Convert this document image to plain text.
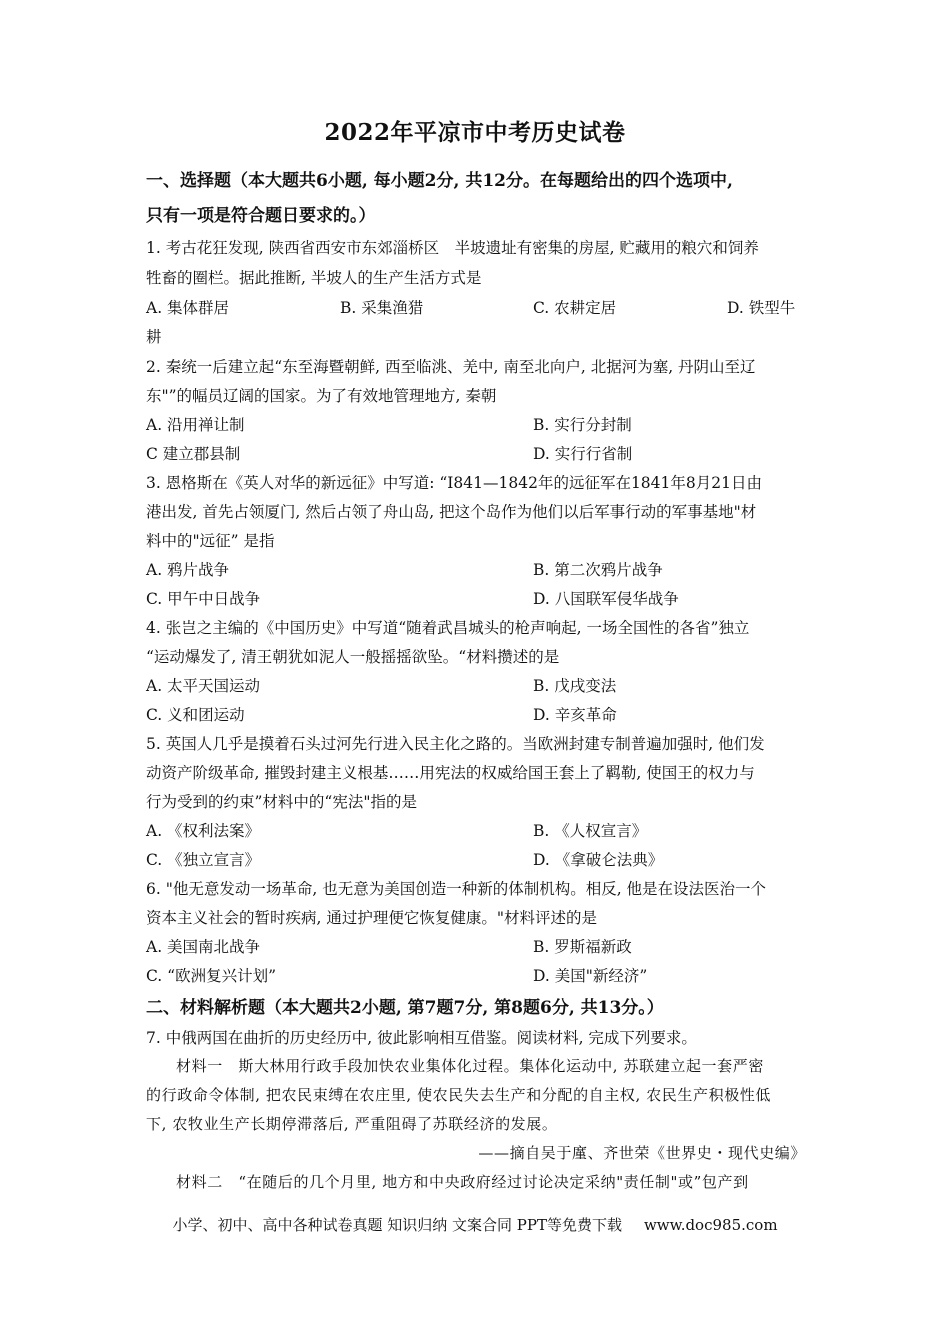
2022年平凉市中考历史试卷
一、选择题（本大题共6小题, 每小题2分, 共12分。在每题给出的四个选项中,
只有一项是符合题日要求的。）
1. 考古花狂发现, 陕西省西安市东郊淄桥区　半坡遗址有密集的房屋, 贮藏用的粮穴和饲养
牲畜的圈栏。据此推断, 半坡人的生产生活方式是
A. 集体群居	B. 采集渔猎	C. 农耕定居	D. 铁型牛
耕
2. 秦统一后建立起“东至海暨朝鲜, 西至临洮、羌中, 南至北向户, 北据河为塞, 丹阴山至辽
东"”的幅员辽阔的国家。为了有效地管理地方, 秦朝
A. 沿用禅让制	B. 实行分封制
C 建立郡县制	D. 实行行省制
3. 恩格斯在《英人对华的新远征》中写道: “I841—1842年的远征军在1841年8月21日由
港出发, 首先占领厦门, 然后占领了舟山岛, 把这个岛作为他们以后军事行动的军事基地"材
料中的"远征” 是指
A. 鸦片战争	B. 第二次鸦片战争
C. 甲午中日战争	D. 八国联军侵华战争
4. 张岂之主编的《中国历史》中写道“随着武昌城头的枪声响起, 一场全国性的各省”独立
“运动爆发了, 清王朝犹如泥人一般摇摇欲坠。“材料攒述的是
A. 太平天国运动	B. 戊戌变法
C. 义和团运动	D. 辛亥革命
5. 英国人几乎是摸着石头过河先行进入民主化之路的。当欧洲封建专制普遍加强时, 他们发
动资产阶级革命, 摧毁封建主义根基……用宪法的权威给国王套上了羁勒, 使国王的权力与
行为受到的约束”材料中的“宪法"指的是
A. 《权利法案》	B. 《人权宣言》
C. 《独立宣言》	D. 《拿破仑法典》
6. "他无意发动一场革命, 也无意为美国创造一种新的体制机构。相反, 他是在设法医治一个
资本主义社会的暂时疾病, 通过护理便它恢复健康。"材料评述的是
A. 美国南北战争	B. 罗斯福新政
C. “欧洲复兴计划”	D. 美国"新经济”
二、材料解析题（本大题共2小题, 第7题7分, 第8题6分, 共13分。）
7. 中俄两国在曲折的历史经历中, 彼此影响相互借鉴。阅读材料, 完成下列要求。
材料一　斯大林用行政手段加快农业集体化过程。集体化运动中, 苏联建立起一套严密
的行政命令体制, 把农民束缚在农庄里, 使农民失去生产和分配的自主权, 农民生产积极性低
下, 农牧业生产长期停滞落后, 严重阻碍了苏联经济的发展。
——摘自吴于廑、齐世荣《世界史・现代史编》
材料二　“在随后的几个月里, 地方和中央政府经过讨论决定采纳"责任制"或”包产到
小学、初中、高中各种试卷真题 知识归纳 文案合同 PPT等免费下载 www.doc985.com
